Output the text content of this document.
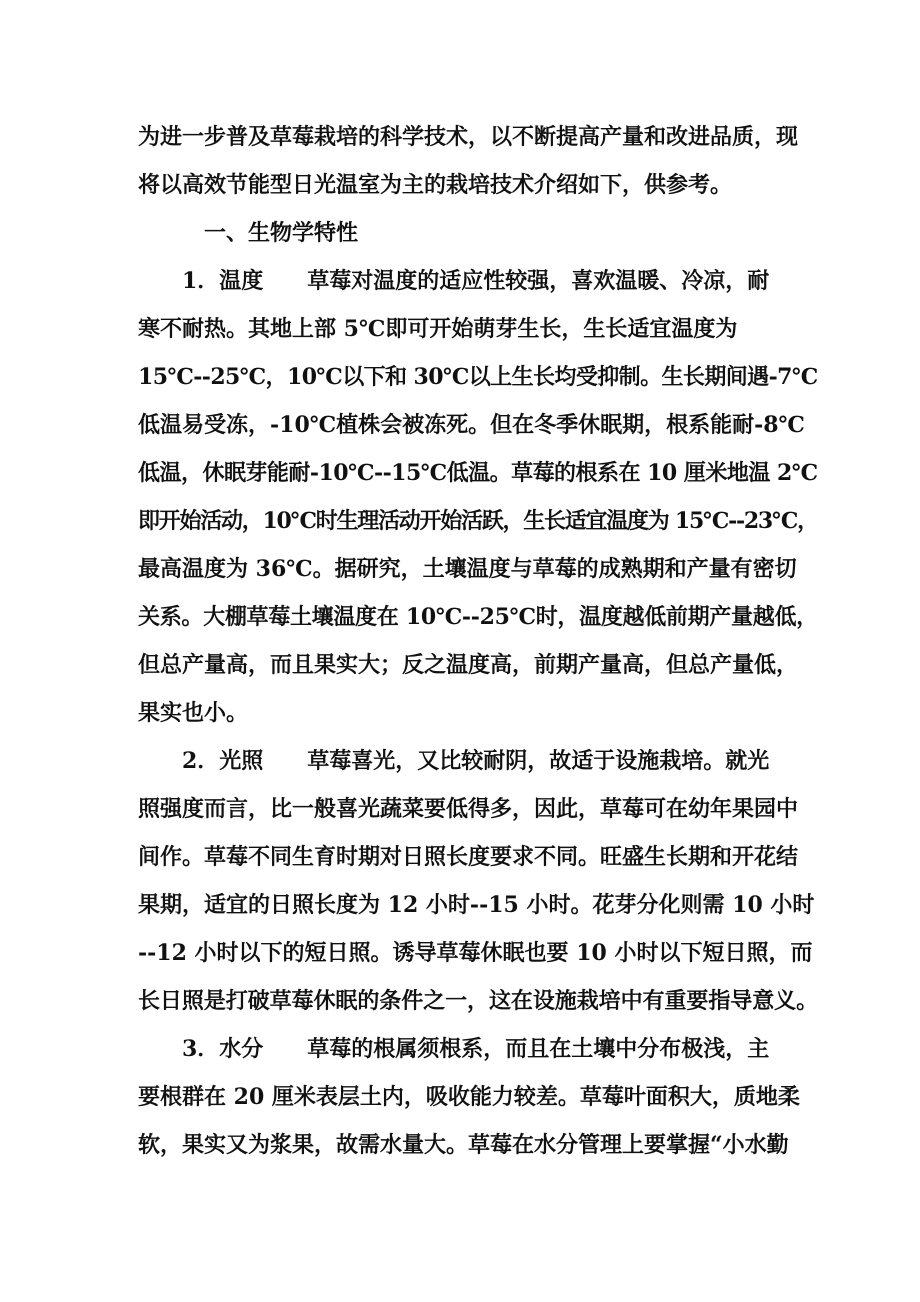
为进一步普及草莓栽培的科学技术，以不断提高产量和改进品质，现
将以高效节能型日光温室为主的栽培技术介绍如下，供参考。
一、生物学特性
1．温度　　草莓对温度的适应性较强，喜欢温暖、冷凉，耐
寒不耐热。其地上部 5℃即可开始萌芽生长，生长适宜温度为
15℃--25℃，10℃以下和 30℃以上生长均受抑制。生长期间遇-7℃
低温易受冻，-10℃植株会被冻死。但在冬季休眠期，根系能耐-8℃
低温，休眠芽能耐-10℃--15℃低温。草莓的根系在 10 厘米地温 2℃
即开始活动，10℃时生理活动开始活跃，生长适宜温度为 15℃--23℃，
最高温度为 36℃。据研究，土壤温度与草莓的成熟期和产量有密切
关系。大棚草莓土壤温度在 10℃--25℃时，温度越低前期产量越低，
但总产量高，而且果实大；反之温度高，前期产量高，但总产量低，
果实也小。
2．光照　　草莓喜光，又比较耐阴，故适于设施栽培。就光
照强度而言，比一般喜光蔬菜要低得多，因此，草莓可在幼年果园中
间作。草莓不同生育时期对日照长度要求不同。旺盛生长期和开花结
果期，适宜的日照长度为 12 小时--15 小时。花芽分化则需 10 小时
--12 小时以下的短日照。诱导草莓休眠也要 10 小时以下短日照，而
长日照是打破草莓休眠的条件之一，这在设施栽培中有重要指导意义。
3．水分　　草莓的根属须根系，而且在土壤中分布极浅，主
要根群在 20 厘米表层土内，吸收能力较差。草莓叶面积大，质地柔
软，果实又为浆果，故需水量大。草莓在水分管理上要掌握“小水勤
